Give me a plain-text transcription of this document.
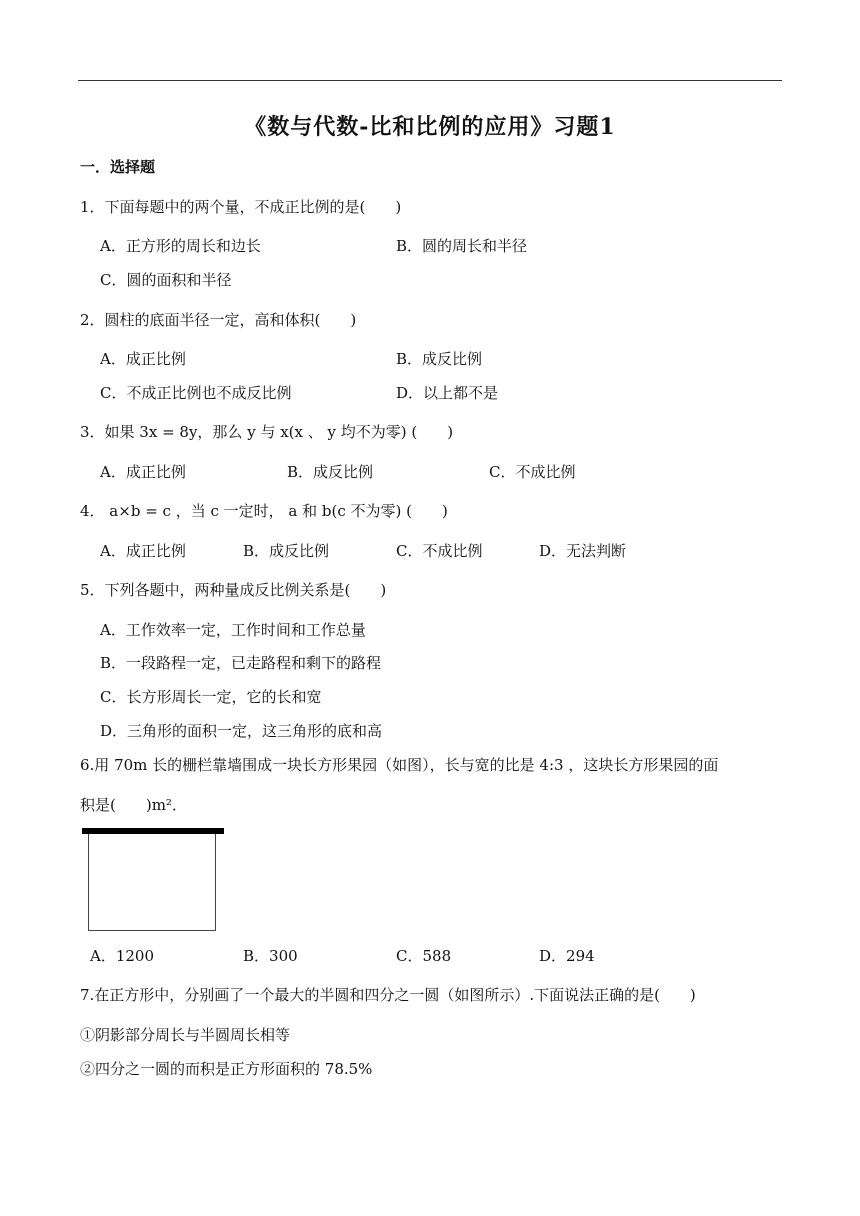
《数与代数-比和比例的应用》习题1
一．选择题
1．下面每题中的两个量，不成正比例的是(　　)
A．正方形的周长和边长	B．圆的周长和半径
C．圆的面积和半径
2．圆柱的底面半径一定，高和体积(　　)
A．成正比例	B．成反比例
C．不成正比例也不成反比例	D．以上都不是
3．如果 3x = 8y，那么 y 与 x(x 、 y 均不为零) (　　)
A．成正比例	B．成反比例	C．不成比例
4． a×b = c ，当 c 一定时， a 和 b(c 不为零) (　　)
A．成正比例	B．成反比例	C．不成比例	D．无法判断
5．下列各题中，两种量成反比例关系是(　　)
A．工作效率一定，工作时间和工作总量
B．一段路程一定，已走路程和剩下的路程
C．长方形周长一定，它的长和宽
D．三角形的面积一定，这三角形的底和高
6.用 70m 长的栅栏靠墙围成一块长方形果园（如图），长与宽的比是 4:3 ，这块长方形果园的面
积是(　　)m²．
A．1200	B．300	C．588	D．294
7.在正方形中，分别画了一个最大的半圆和四分之一圆（如图所示）.下面说法正确的是(　　)
①阴影部分周长与半圆周长相等
②四分之一圆的而积是正方形面积的 78.5%
